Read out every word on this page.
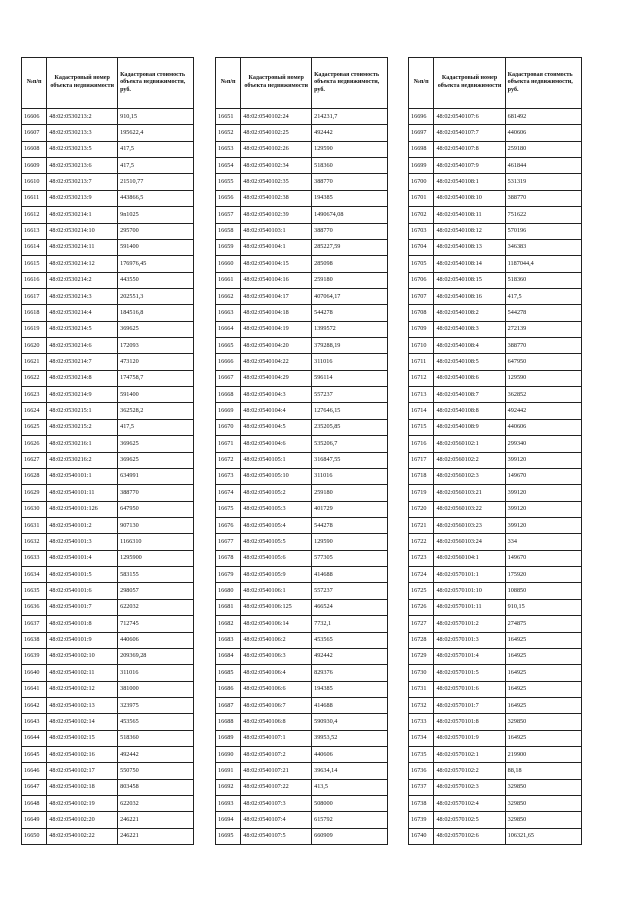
№п/п	Кадастровый номер объекта недвижимости	Кадастровая стоимость объекта недвижимости, руб.
16606	48:02:0530213:2	910,15
16607	48:02:0530213:3	195622,4
16608	48:02:0530213:5	417,5
16609	48:02:0530213:6	417,5
16610	48:02:0530213:7	21510,77
16611	48:02:0530213:9	443866,5
16612	48:02:0530214:1	9n1025
16613	48:02:0530214:10	295700
16614	48:02:0530214:11	591400
16615	48:02:0530214:12	176976,45
16616	48:02:0530214:2	443550
16617	48:02:0530214:3	202551,3
16618	48:02:0530214:4	184516,8
16619	48:02:0530214:5	369625
16620	48:02:0530214:6	172093
16621	48:02:0530214:7	473120
16622	48:02:0530214:8	174758,7
16623	48:02:0530214:9	591400
16624	48:02:0530215:1	362528,2
16625	48:02:0530215:2	417,5
16626	48:02:0530216:1	369625
16627	48:02:0530216:2	369625
16628	48:02:0540101:1	634991
16629	48:02:0540101:11	388770
16630	48:02:0540101:126	647950
16631	48:02:0540101:2	907130
16632	48:02:0540101:3	1166310
16633	48:02:0540101:4	1295900
16634	48:02:0540101:5	583155
16635	48:02:0540101:6	298057
16636	48:02:0540101:7	622032
16637	48:02:0540101:8	712745
16638	48:02:0540101:9	440606
16639	48:02:0540102:10	209369,28
16640	48:02:0540102:11	311016
16641	48:02:0540102:12	381000
16642	48:02:0540102:13	323975
16643	48:02:0540102:14	453565
16644	48:02:0540102:15	518360
16645	48:02:0540102:16	492442
16646	48:02:0540102:17	550750
16647	48:02:0540102:18	803458
16648	48:02:0540102:19	622032
16649	48:02:0540102:20	246221
16650	48:02:0540102:22	246221
№п/п	Кадастровый номер объекта недвижимости	Кадастровая стоимость объекта недвижимости, руб.
16651	48:02:0540102:24	214231,7
16652	48:02:0540102:25	492442
16653	48:02:0540102:26	129590
16654	48:02:0540102:34	518360
16655	48:02:0540102:35	388770
16656	48:02:0540102:38	194385
16657	48:02:0540102:39	1490674,08
16658	48:02:0540103:1	388770
16659	48:02:0540104:1	285227,59
16660	48:02:0540104:15	285098
16661	48:02:0540104:16	259180
16662	48:02:0540104:17	407064,17
16663	48:02:0540104:18	544278
16664	48:02:0540104:19	1399572
16665	48:02:0540104:20	379288,19
16666	48:02:0540104:22	311016
16667	48:02:0540104:29	596114
16668	48:02:0540104:3	557237
16669	48:02:0540104:4	127646,15
16670	48:02:0540104:5	235205,85
16671	48:02:0540104:6	535206,7
16672	48:02:0540105:1	316847,55
16673	48:02:0540105:10	311016
16674	48:02:0540105:2	259180
16675	48:02:0540105:3	401729
16676	48:02:0540105:4	544278
16677	48:02:0540105:5	129590
16678	48:02:0540105:6	577305
16679	48:02:0540105:9	414688
16680	48:02:0540106:1	557237
16681	48:02:0540106:125	466524
16682	48:02:0540106:14	7732,1
16683	48:02:0540106:2	453565
16684	48:02:0540106:3	492442
16685	48:02:0540106:4	829376
16686	48:02:0540106:6	194385
16687	48:02:0540106:7	414688
16688	48:02:0540106:8	590930,4
16689	48:02:0540107:1	39953,52
16690	48:02:0540107:2	440606
16691	48:02:0540107:21	39634,14
16692	48:02:0540107:22	413,5
16693	48:02:0540107:3	508000
16694	48:02:0540107:4	615792
16695	48:02:0540107:5	660909
№п/п	Кадастровый номер объекта недвижимости	Кадастровая стоимость объекта недвижимости, руб.
16696	48:02:0540107:6	681492
16697	48:02:0540107:7	440606
16698	48:02:0540107:8	259180
16699	48:02:0540107:9	461844
16700	48:02:0540108:1	531319
16701	48:02:0540108:10	388770
16702	48:02:0540108:11	751622
16703	48:02:0540108:12	570196
16704	48:02:0540108:13	346383
16705	48:02:0540108:14	1187044,4
16706	48:02:0540108:15	518360
16707	48:02:0540108:16	417,5
16708	48:02:0540108:2	544278
16709	48:02:0540108:3	272139
16710	48:02:0540108:4	388770
16711	48:02:0540108:5	647950
16712	48:02:0540108:6	129590
16713	48:02:0540108:7	362852
16714	48:02:0540108:8	492442
16715	48:02:0540108:9	440606
16716	48:02:0560102:1	299340
16717	48:02:0560102:2	399120
16718	48:02:0560102:3	149670
16719	48:02:0560103:21	399120
16720	48:02:0560103:22	399120
16721	48:02:0560103:23	399120
16722	48:02:0560103:24	334
16723	48:02:0560104:1	149670
16724	48:02:0570101:1	175920
16725	48:02:0570101:10	108850
16726	48:02:0570101:11	910,15
16727	48:02:0570101:2	274875
16728	48:02:0570101:3	164925
16729	48:02:0570101:4	164925
16730	48:02:0570101:5	164925
16731	48:02:0570101:6	164925
16732	48:02:0570101:7	164925
16733	48:02:0570101:8	329850
16734	48:02:0570101:9	164925
16735	48:02:0570102:1	219900
16736	48:02:0570102:2	88,18
16737	48:02:0570102:3	329850
16738	48:02:0570102:4	329850
16739	48:02:0570102:5	329850
16740	48:02:0570102:6	106321,65
